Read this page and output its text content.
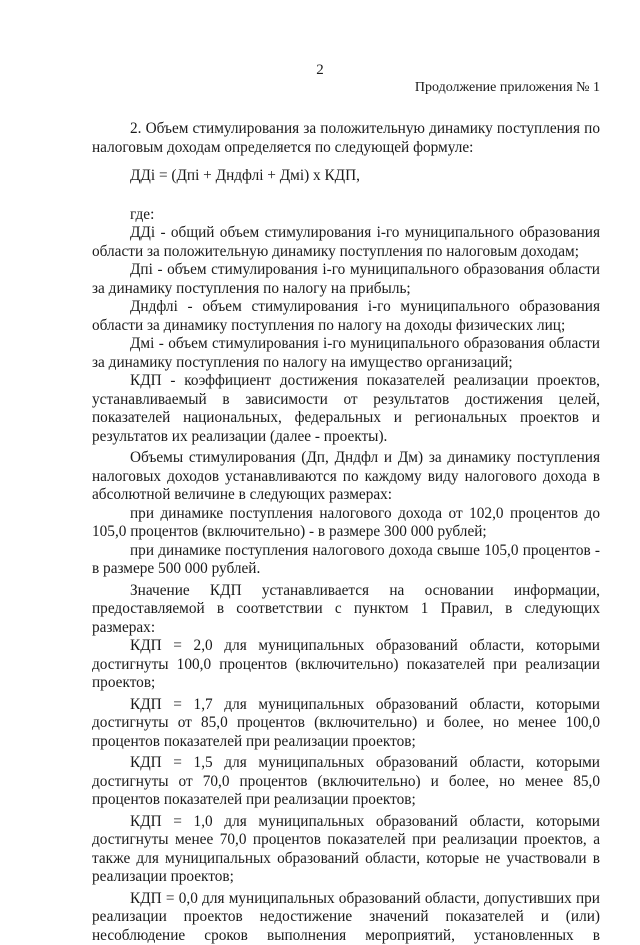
2
Продолжение приложения № 1

2. Объем стимулирования за положительную динамику поступления по налоговым доходам определяется по следующей формуле:

ДДi = (Дпi + Дндфлi + Дмi) x КДП,

где:

ДДi - общий объем стимулирования i-го муниципального образования области за положительную динамику поступления по налоговым доходам;

Дпi - объем стимулирования i-го муниципального образования области за динамику поступления по налогу на прибыль;

Дндфлi - объем стимулирования i-го муниципального образования области за динамику поступления по налогу на доходы физических лиц;

Дмi - объем стимулирования i-го муниципального образования области за динамику поступления по налогу на имущество организаций;

КДП - коэффициент достижения показателей реализации проектов, устанавливаемый в зависимости от результатов достижения целей, показателей национальных, федеральных и региональных проектов и результатов их реализации (далее - проекты).

Объемы стимулирования (Дп, Дндфл и Дм) за динамику поступления налоговых доходов устанавливаются по каждому виду налогового дохода в абсолютной величине в следующих размерах:

при динамике поступления налогового дохода от 102,0 процентов до 105,0 процентов (включительно) - в размере 300 000 рублей;

при динамике поступления налогового дохода свыше 105,0 процентов - в размере 500 000 рублей.

Значение КДП устанавливается на основании информации, предоставляемой в соответствии с пунктом 1 Правил, в следующих размерах:

КДП = 2,0 для муниципальных образований области, которыми достигнуты 100,0 процентов (включительно) показателей при реализации проектов;

КДП = 1,7 для муниципальных образований области, которыми достигнуты от 85,0 процентов (включительно) и более, но менее 100,0 процентов показателей при реализации проектов;

КДП = 1,5 для муниципальных образований области, которыми достигнуты от 70,0 процентов (включительно) и более, но менее 85,0 процентов показателей при реализации проектов;

КДП = 1,0 для муниципальных образований области, которыми достигнуты менее 70,0 процентов показателей при реализации проектов, а также для муниципальных образований области, которые не участвовали в реализации проектов;

КДП = 0,0 для муниципальных образований области, допустивших при реализации проектов недостижение значений показателей и (или) несоблюдение сроков выполнения мероприятий, установленных в
